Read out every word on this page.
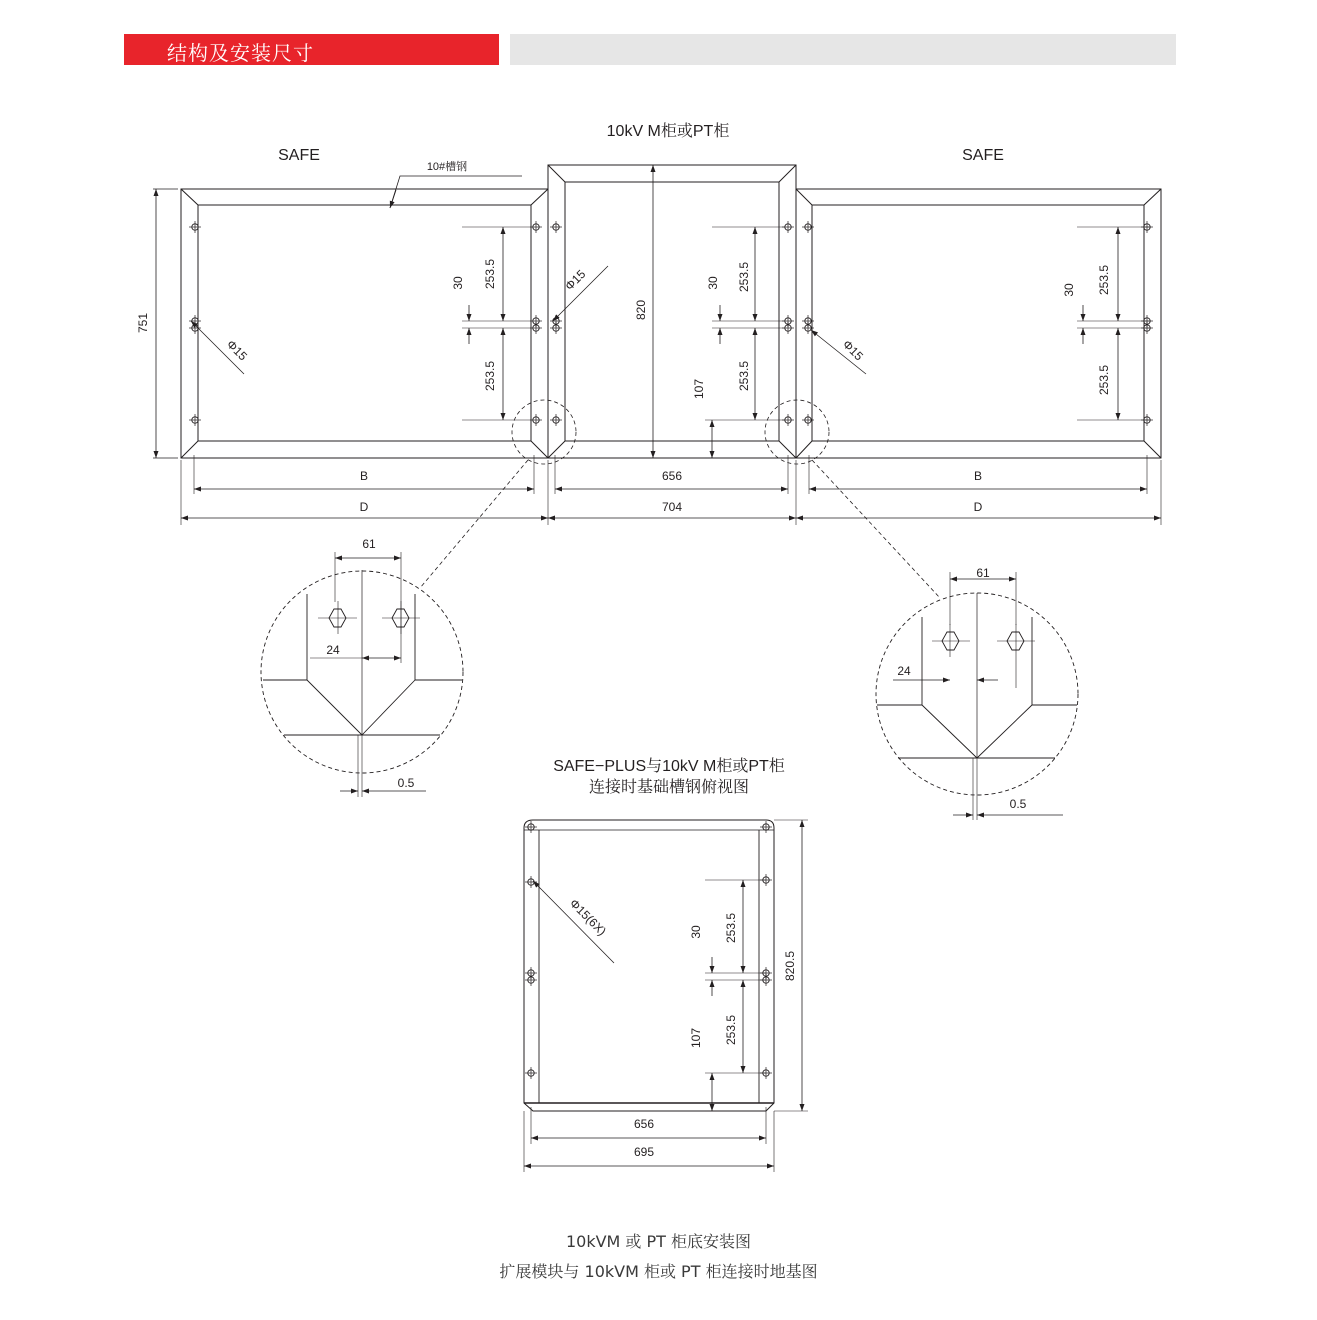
结构及安装尺寸
10kV M柜或PT柜
SAFE	SAFE
10#槽钢
751
820
253.5
253.5
30	253.5
253.5
30
107
253.5
253.5
30
Φ15
Φ15
Φ15
B	656	B
D	704	D
61
24
0.5
61
24
0.5
SAFE−PLUS与10kV M柜或PT柜
连接时基础槽钢俯视图
Φ15(6X)
820.5
253.5
253.5
30
107
656
695
10kVM 或 PT 柜底安装图
扩展模块与 10kVM 柜或 PT 柜连接时地基图
